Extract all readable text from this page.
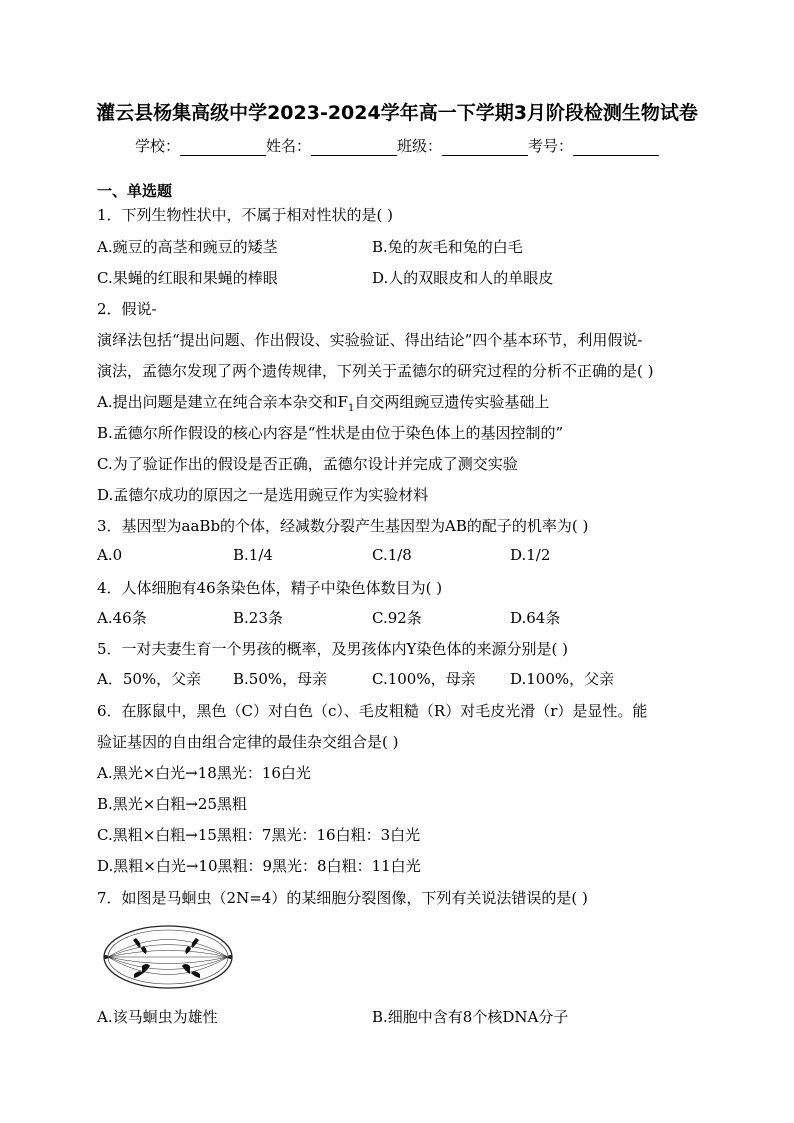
灌云县杨集高级中学2023-2024学年高一下学期3月阶段检测生物试卷
学校：	姓名：	班级：	考号：
一、单选题
1．下列生物性状中，不属于相对性状的是( )
A.豌豆的高茎和豌豆的矮茎	B.兔的灰毛和兔的白毛
C.果蝇的红眼和果蝇的棒眼	D.人的双眼皮和人的单眼皮
2．假说-
演绎法包括“提出问题、作出假设、实验验证、得出结论”四个基本环节，利用假说-
演法，孟德尔发现了两个遗传规律，下列关于孟德尔的研究过程的分析不正确的是( )
A.提出问题是建立在纯合亲本杂交和$F_1$自交两组豌豆遗传实验基础上
B.孟德尔所作假设的核心内容是“性状是由位于染色体上的基因控制的”
C.为了验证作出的假设是否正确，孟德尔设计并完成了测交实验
D.孟德尔成功的原因之一是选用豌豆作为实验材料
3．基因型为aaBb的个体，经减数分裂产生基因型为AB的配子的机率为( )
A.0	B.1/4	C.1/8	D.1/2
4．人体细胞有46条染色体，精子中染色体数目为( )
A.46条	B.23条	C.92条	D.64条
5．一对夫妻生育一个男孩的概率，及男孩体内Y染色体的来源分别是( )
A．50%，父亲 B.50%，母亲	C.100%，母亲 D.100%，父亲
6．在豚鼠中，黑色（C）对白色（c）、毛皮粗糙（R）对毛皮光滑（r）是显性。能
验证基因的自由组合定律的最佳杂交组合是( )
A.黑光×白光→18黑光：16白光
B.黑光×白粗→25黑粗
C.黑粗×白粗→15黑粗：7黑光：16白粗：3白光
D.黑粗×白光→10黑粗：9黑光：8白粗：11白光
7．如图是马蛔虫（2N=4）的某细胞分裂图像，下列有关说法错误的是( )
A.该马蛔虫为雄性	B.细胞中含有8个核DNA分子
